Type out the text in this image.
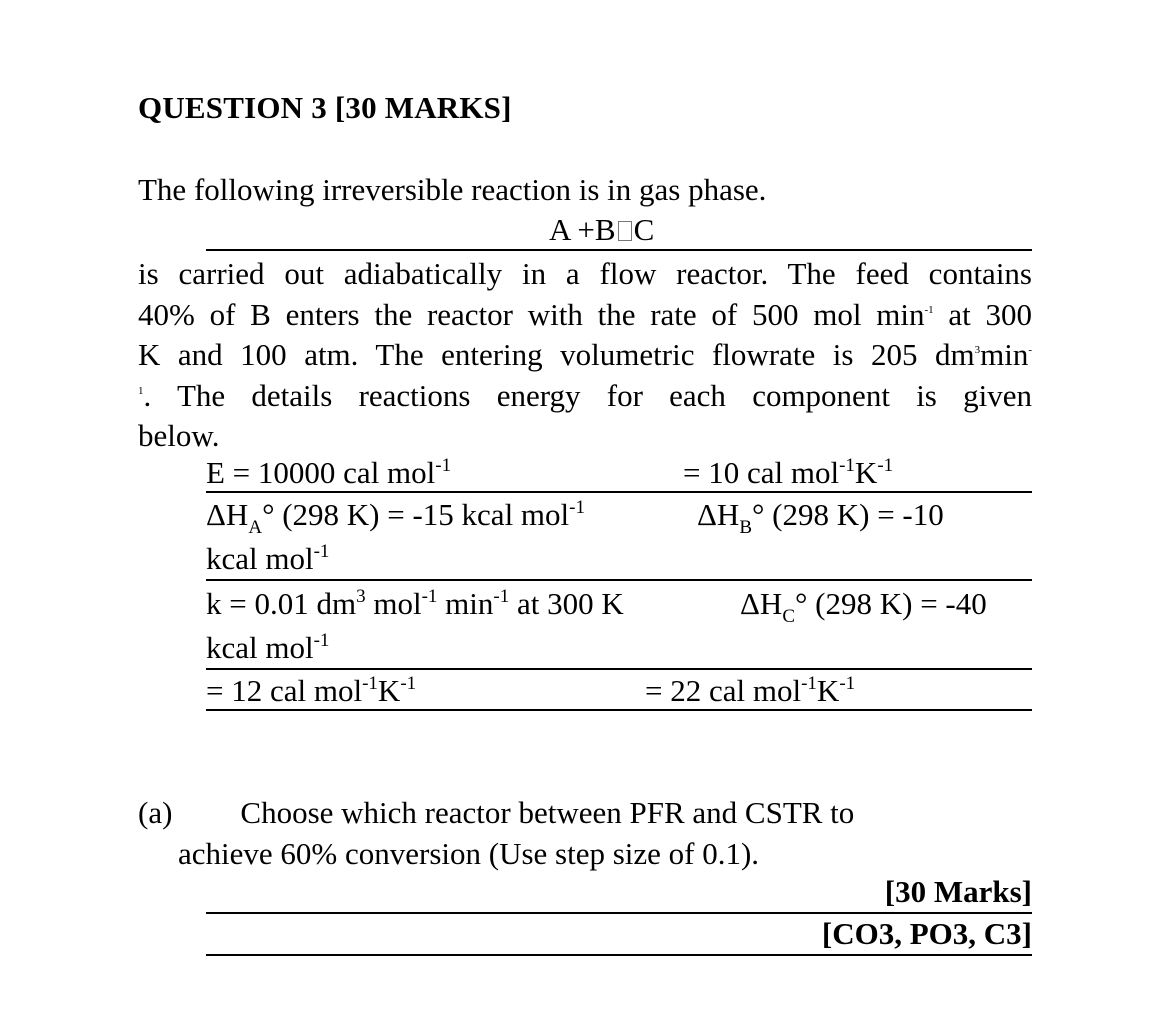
QUESTION 3 [30 MARKS]
The following irreversible reaction is in gas phase.
A +B C
is carried out adiabatically in a flow reactor. The feed contains
40% of B enters the reactor with the rate of 500 mol $\min^{-1}$ at 300
K and 100 atm. The entering volumetric flowrate is 205 $dm^3\min^-$
$^1$. The details reactions energy for each component is given
below.
E = 10000 cal mol$^{-1}$	= 10 cal $mol^{-1}K^{-1}$
$\Delta H_A^\circ$ (298 K) = -15 kcal mol$^{-1}$	$\Delta H_B^\circ$ (298 K) = -10
kcal mol$^{-1}$
k = 0.01 $dm^3$ mol$^{-1}$ $\min^{-1}$ at 300 K	$\Delta H_C^\circ$ (298 K) = -40
kcal mol$^{-1}$
= 12 cal $mol^{-1}K^{-1}$	= 22 cal $mol^{-1}K^{-1}$
(a) Choose which reactor between PFR and CSTR to
achieve 60% conversion (Use step size of 0.1).
[30 Marks]
[CO3, PO3, C3]
